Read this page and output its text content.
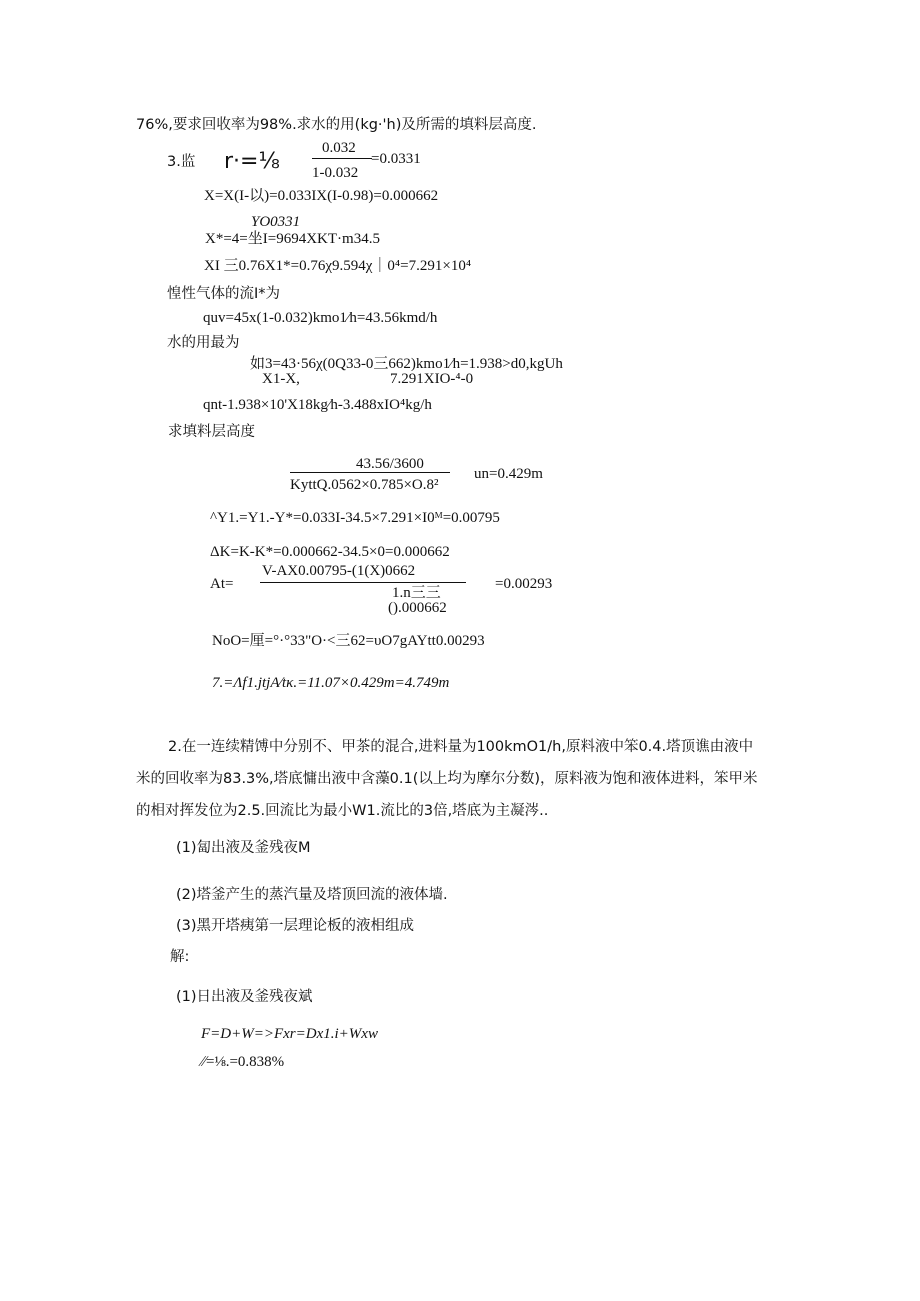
76%,要求回收率为98%.求水的用(kg·'h)及所需的填料层高度.
3.监 r·=⅛
0.032
=0.0331
1-0.032
X=X(I-以)=0.033IX(I-0.98)=0.000662
YO0331
X*=4=坐I=9694XKT·m34.5
XI 三0.76X1*=0.76χ9.594χ｜0⁴=7.291×10⁴
惶性气体的流I*为
quv=45x(1-0.032)kmo1∕h=43.56kmd/h
水的用最为
如3=43·56χ(0Q33-0三662)kmo1∕h=1.938>d0,kgUh
X1-X,	7.291XIO-⁴-0
qnt-1.938×10'X18kg∕h-3.488xIO⁴kg/h
求填料层高度
43.56/3600
KyttQ.0562×0.785×O.8²
un=0.429m
^Y1.=Y1.-Y*=0.033I-34.5×7.291×I0ᴹ=0.00795
ΔK=K-K*=0.000662-34.5×0=0.000662
At=
V-AX0.00795-(1(X)0662
=0.00293
1.n三三
().000662
NoO=厘=°·°33"O·<三62=υO7gAYtt0.00293
7.=Λf1.jtjA∕tκ.=11.07×0.429m=4.749m
2.在一连续精馎中分别不、甲茶的混合,进料量为100kmO1∕h,原料液中笨0.4.塔顶谯由液中
米的回收率为83.3%,塔底慵出液中含藻0.1(以上均为摩尔分数)，原料液为饱和液体进料，笨甲米
的相对挥发位为2.5.回流比为最小W1.流比的3倍,塔底为主凝涔..
(1)匐出液及釜残夜M
(2)塔釜产生的蒸汽量及塔顶回流的液体墙.
(3)黑开塔痍第一层理论板的液相组成
解:
(1)日出液及釜残夜斌
F=D+W=>Fxr=Dx1.i+Wxw
∕∕=⅛.=0.838%
